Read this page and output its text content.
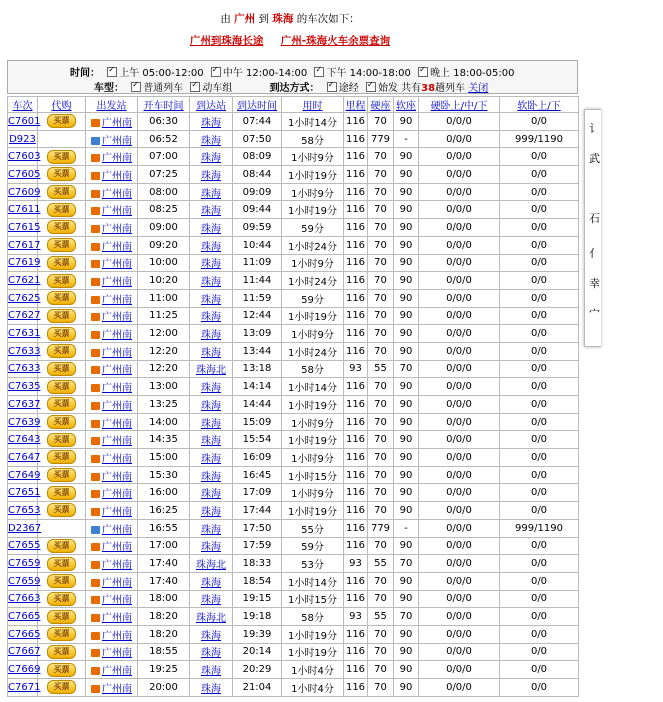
由 广州 到 珠海 的车次如下：
广州到珠海长途 广州-珠海火车余票查询
时间： ✓ 上午 05:00-12:00 ✓ 中午 12:00-14:00 ✓ 下午 14:00-18:00 ✓ 晚上 18:00-05:00
车型： ✓ 普通列车 ✓ 动车组	到达方式： ✓ 途经 ✓ 始发 共有38趟列车 关闭
车次	代购	出发站	开车时间	到达站	到达时间	用时	里程	硬座	软座	硬卧上/中/下	软卧上/下
C7601	买票	广州南	06:30	珠海	07:44	1小时14分	116	70	90	0/0/0	0/0
D923		广州南	06:52	珠海	07:50	58分	116	779	-	0/0/0	999/1190
C7603	买票	广州南	07:00	珠海	08:09	1小时9分	116	70	90	0/0/0	0/0
C7605	买票	广州南	07:25	珠海	08:44	1小时19分	116	70	90	0/0/0	0/0
C7609	买票	广州南	08:00	珠海	09:09	1小时9分	116	70	90	0/0/0	0/0
C7611	买票	广州南	08:25	珠海	09:44	1小时19分	116	70	90	0/0/0	0/0
C7615	买票	广州南	09:00	珠海	09:59	59分	116	70	90	0/0/0	0/0
C7617	买票	广州南	09:20	珠海	10:44	1小时24分	116	70	90	0/0/0	0/0
C7619	买票	广州南	10:00	珠海	11:09	1小时9分	116	70	90	0/0/0	0/0
C7621	买票	广州南	10:20	珠海	11:44	1小时24分	116	70	90	0/0/0	0/0
C7625	买票	广州南	11:00	珠海	11:59	59分	116	70	90	0/0/0	0/0
C7627	买票	广州南	11:25	珠海	12:44	1小时19分	116	70	90	0/0/0	0/0
C7631	买票	广州南	12:00	珠海	13:09	1小时9分	116	70	90	0/0/0	0/0
C7633	买票	广州南	12:20	珠海	13:44	1小时24分	116	70	90	0/0/0	0/0
C7633	买票	广州南	12:20	珠海北	13:18	58分	93	55	70	0/0/0	0/0
C7635	买票	广州南	13:00	珠海	14:14	1小时14分	116	70	90	0/0/0	0/0
C7637	买票	广州南	13:25	珠海	14:44	1小时19分	116	70	90	0/0/0	0/0
C7639	买票	广州南	14:00	珠海	15:09	1小时9分	116	70	90	0/0/0	0/0
C7643	买票	广州南	14:35	珠海	15:54	1小时19分	116	70	90	0/0/0	0/0
C7647	买票	广州南	15:00	珠海	16:09	1小时9分	116	70	90	0/0/0	0/0
C7649	买票	广州南	15:30	珠海	16:45	1小时15分	116	70	90	0/0/0	0/0
C7651	买票	广州南	16:00	珠海	17:09	1小时9分	116	70	90	0/0/0	0/0
C7653	买票	广州南	16:25	珠海	17:44	1小时19分	116	70	90	0/0/0	0/0
D2367		广州南	16:55	珠海	17:50	55分	116	779	-	0/0/0	999/1190
C7655	买票	广州南	17:00	珠海	17:59	59分	116	70	90	0/0/0	0/0
C7659	买票	广州南	17:40	珠海北	18:33	53分	93	55	70	0/0/0	0/0
C7659	买票	广州南	17:40	珠海	18:54	1小时14分	116	70	90	0/0/0	0/0
C7663	买票	广州南	18:00	珠海	19:15	1小时15分	116	70	90	0/0/0	0/0
C7665	买票	广州南	18:20	珠海北	19:18	58分	93	55	70	0/0/0	0/0
C7665	买票	广州南	18:20	珠海	19:39	1小时19分	116	70	90	0/0/0	0/0
C7667	买票	广州南	18:55	珠海	20:14	1小时19分	116	70	90	0/0/0	0/0
C7669	买票	广州南	19:25	珠海	20:29	1小时4分	116	70	90	0/0/0	0/0
C7671	买票	广州南	20:00	珠海	21:04	1小时4分	116	70	90	0/0/0	0/0
讠
武
石
亻
幸
宀
